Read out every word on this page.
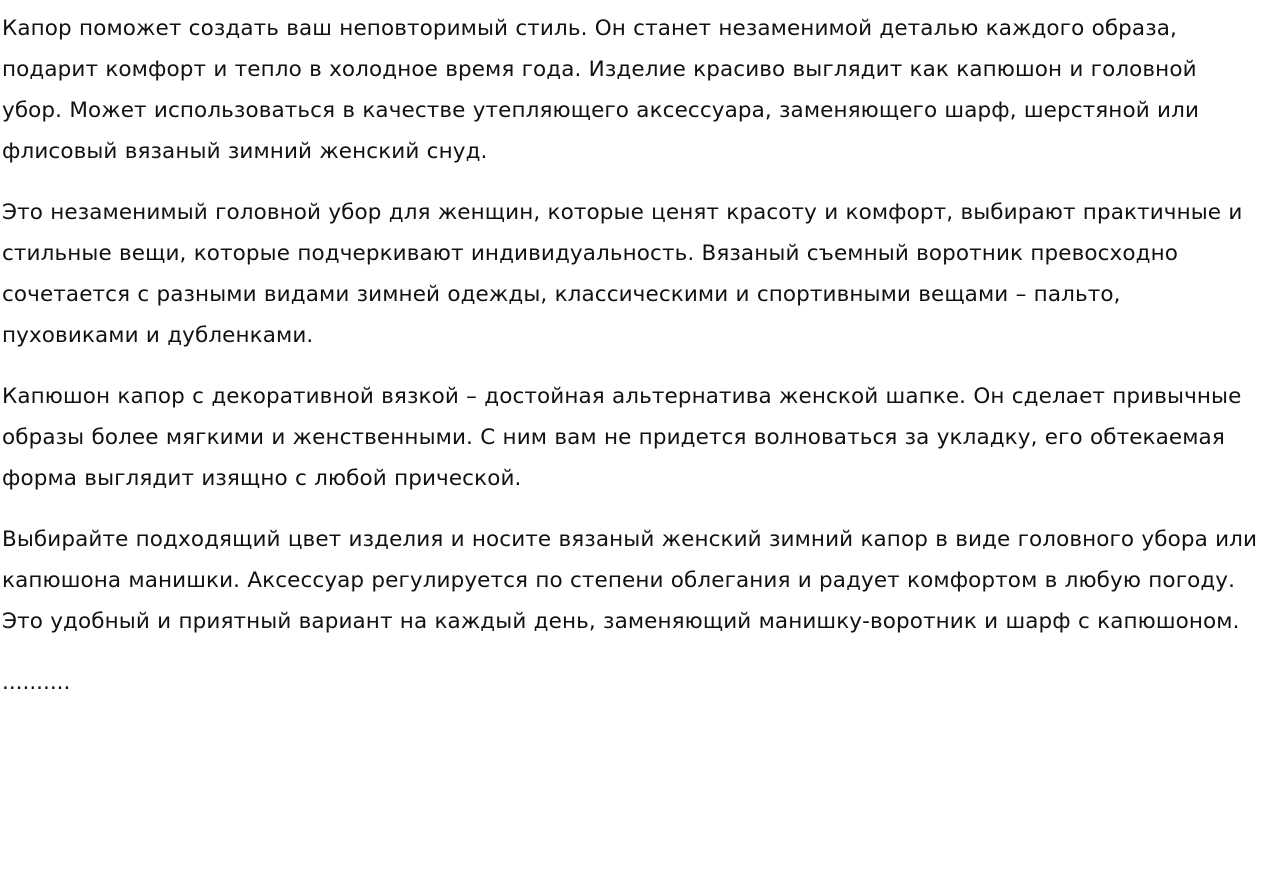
Капор поможет создать ваш неповторимый стиль. Он станет незаменимой деталью каждого образа, подарит комфорт и тепло в холодное время года. Изделие красиво выглядит как капюшон и головной убор. Может использоваться в качестве утепляющего аксессуара, заменяющего шарф, шерстяной или флисовый вязаный зимний женский снуд.

Это незаменимый головной убор для женщин, которые ценят красоту и комфорт, выбирают практичные и стильные вещи, которые подчеркивают индивидуальность. Вязаный съемный воротник превосходно сочетается с разными видами зимней одежды, классическими и спортивными вещами – пальто, пуховиками и дубленками.

Капюшон капор с декоративной вязкой – достойная альтернатива женской шапке. Он сделает привычные образы более мягкими и женственными. С ним вам не придется волноваться за укладку, его обтекаемая форма выглядит изящно с любой прической.

Выбирайте подходящий цвет изделия и носите вязаный женский зимний капор в виде головного убора или капюшона манишки. Аксессуар регулируется по степени облегания и радует комфортом в любую погоду. Это удобный и приятный вариант на каждый день, заменяющий манишку-воротник и шарф с капюшоном.

..........
